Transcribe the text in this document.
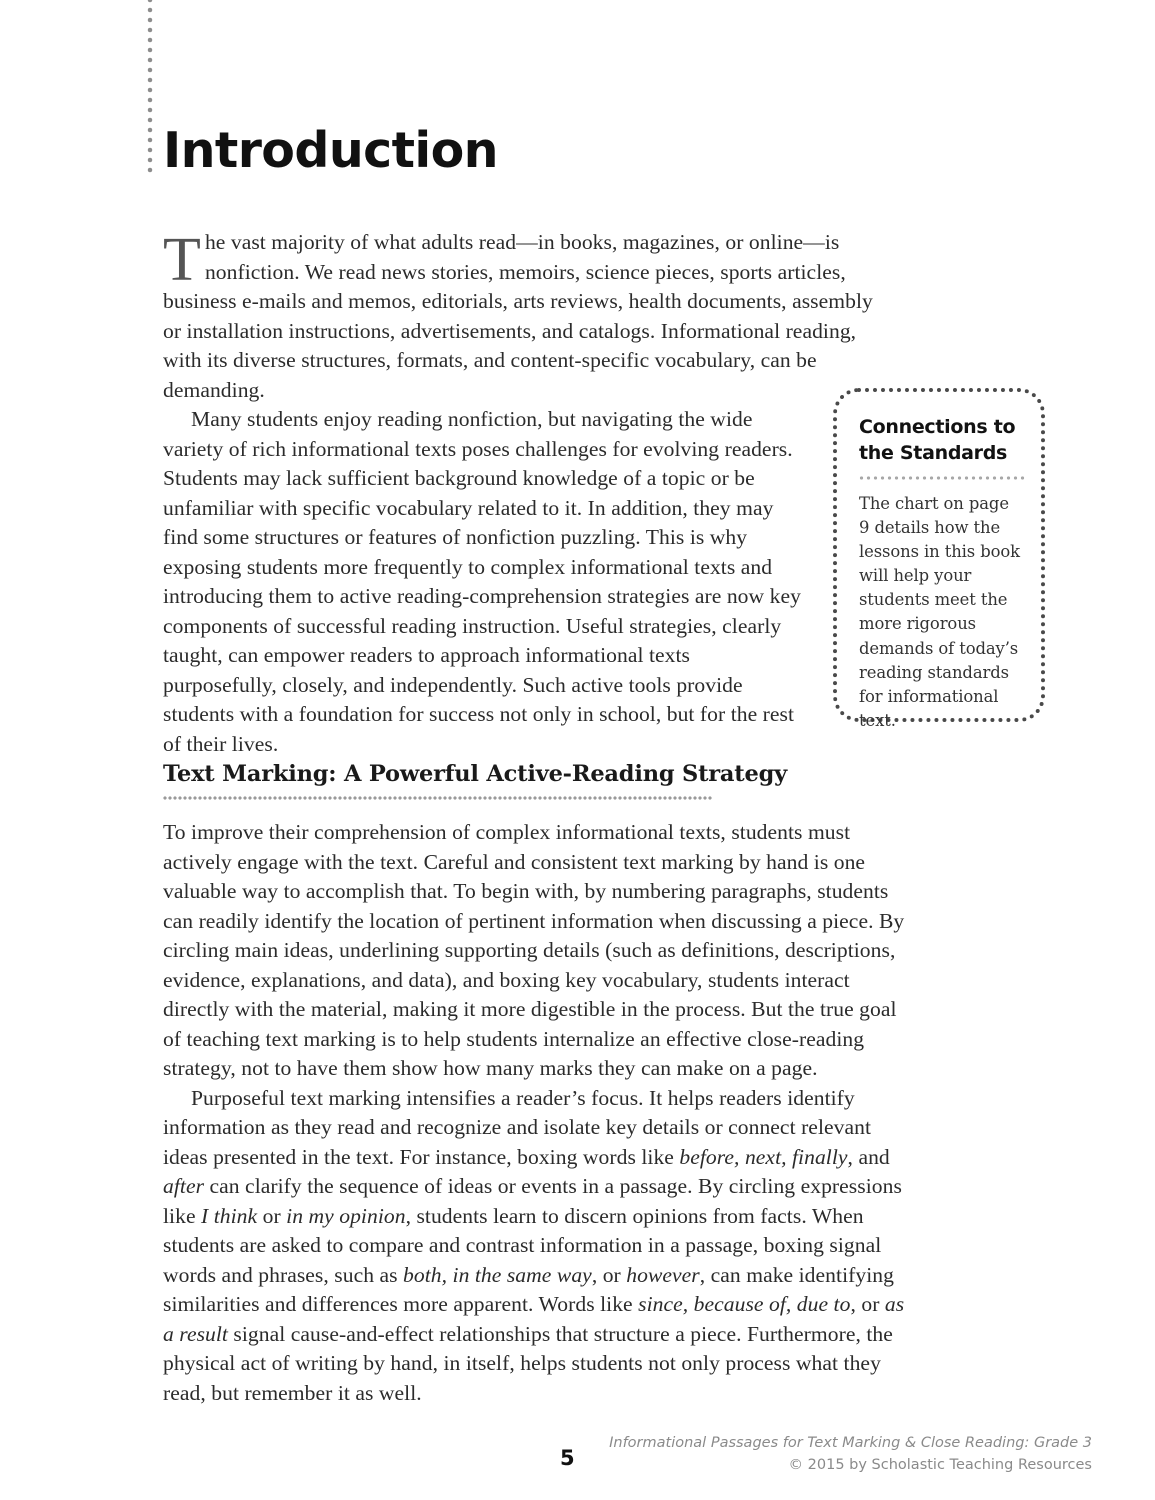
Introduction

The vast majority of what adults read—in books, magazines, or online—is nonfiction. We read news stories, memoirs, science pieces, sports articles, business e-mails and memos, editorials, arts reviews, health documents, assembly or installation instructions, advertisements, and catalogs. Informational reading, with its diverse structures, formats, and content-specific vocabulary, can be demanding.

Many students enjoy reading nonfiction, but navigating the wide variety of rich informational texts poses challenges for evolving readers. Students may lack sufficient background knowledge of a topic or be unfamiliar with specific vocabulary related to it. In addition, they may find some structures or features of nonfiction puzzling. This is why exposing students more frequently to complex informational texts and introducing them to active reading-comprehension strategies are now key components of successful reading instruction. Useful strategies, clearly taught, can empower readers to approach informational texts purposefully, closely, and independently. Such active tools provide students with a foundation for success not only in school, but for the rest of their lives.

Connections to
the Standards

The chart on page 9 details how the lessons in this book will help your students meet the more rigorous demands of today’s reading standards for informational text.

Text Marking: A Powerful Active-Reading Strategy

To improve their comprehension of complex informational texts, students must actively engage with the text. Careful and consistent text marking by hand is one valuable way to accomplish that. To begin with, by numbering paragraphs, students can readily identify the location of pertinent information when discussing a piece. By circling main ideas, underlining supporting details (such as definitions, descriptions, evidence, explanations, and data), and boxing key vocabulary, students interact directly with the material, making it more digestible in the process. But the true goal of teaching text marking is to help students internalize an effective close-reading strategy, not to have them show how many marks they can make on a page.

Purposeful text marking intensifies a reader’s focus. It helps readers identify information as they read and recognize and isolate key details or connect relevant ideas presented in the text. For instance, boxing words like before, next, finally, and after can clarify the sequence of ideas or events in a passage. By circling expressions like I think or in my opinion, students learn to discern opinions from facts. When students are asked to compare and contrast information in a passage, boxing signal words and phrases, such as both, in the same way, or however, can make identifying similarities and differences more apparent. Words like since, because of, due to, or as a result signal cause-and-effect relationships that structure a piece. Furthermore, the physical act of writing by hand, in itself, helps students not only process what they read, but remember it as well.

5
Informational Passages for Text Marking & Close Reading: Grade 3
© 2015 by Scholastic Teaching Resources
